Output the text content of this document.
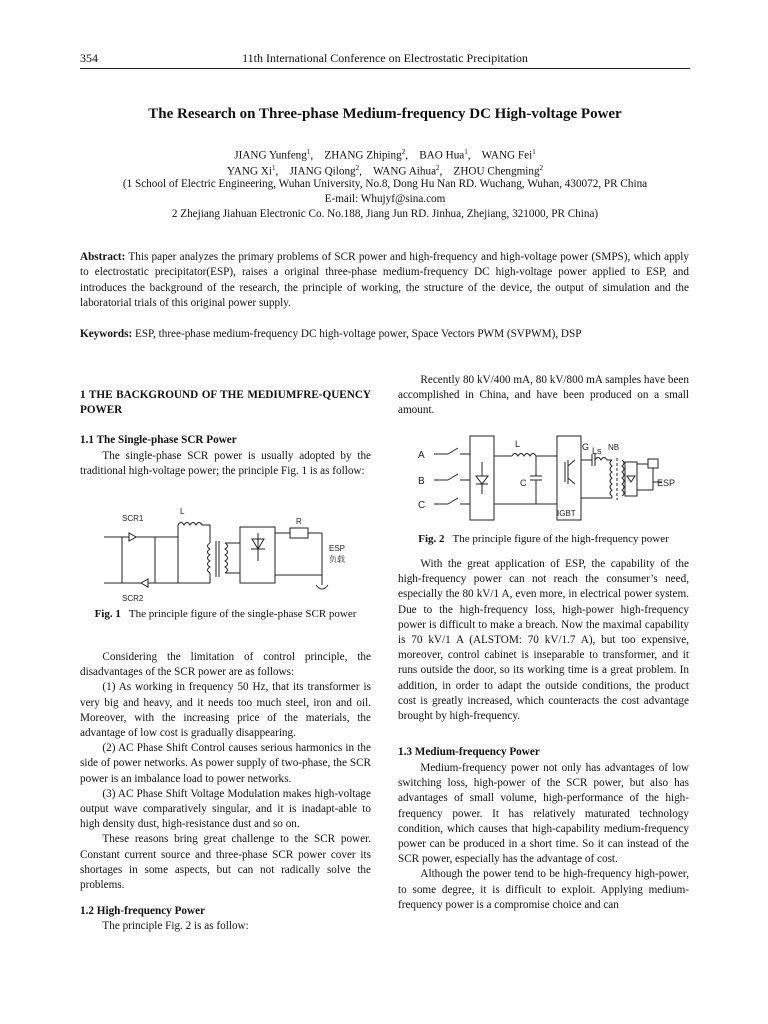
354	11th International Conference on Electrostatic Precipitation
The Research on Three-phase Medium-frequency DC High-voltage Power
JIANG Yunfeng$^1$,    ZHANG Zhiping$^2$,    BAO Hua$^1$,    WANG Fei$^1$
YANG Xi$^1$,    JIANG Qilong$^2$,    WANG Aihua$^2$,    ZHOU Chengming$^2$
(1 School of Electric Engineering, Wuhan University, No.8, Dong Hu Nan RD. Wuchang, Wuhan, 430072, PR China
E-mail: Whujyf@sina.com
2 Zhejiang Jiahuan Electronic Co. No.188, Jiang Jun RD. Jinhua, Zhejiang, 321000, PR China)
Abstract: This paper analyzes the primary problems of SCR power and high-frequency and high-voltage power (SMPS), which apply to electrostatic precipitator(ESP), raises a original three-phase medium-frequency DC high-voltage power applied to ESP, and introduces the background of the research, the principle of working, the structure of the device, the output of simulation and the laboratorial trials of this original power supply.
Keywords: ESP, three-phase medium-frequency DC high-voltage power, Space Vectors PWM (SVPWM), DSP
1 THE BACKGROUND OF THE MEDIUMFRE-QUENCY POWER
1.1 The Single-phase SCR Power

The single-phase SCR power is usually adopted by the traditional high-voltage power; the principle Fig. 1 is as follow:

SCR1
SCR2
L
R
ESP
负载
Fig. 1 The principle figure of the single-phase SCR power

Considering the limitation of control principle, the disadvantages of the SCR power are as follows:

(1) As working in frequency 50 Hz, that its transformer is very big and heavy, and it needs too much steel, iron and oil. Moreover, with the increasing price of the materials, the advantage of low cost is gradually disappearing.

(2) AC Phase Shift Control causes serious harmonics in the side of power networks. As power supply of two-phase, the SCR power is an imbalance load to power networks.

(3) AC Phase Shift Voltage Modulation makes high-voltage output wave comparatively singular, and it is inadapt-able to high density dust, high-resistance dust and so on.

These reasons bring great challenge to the SCR power. Constant current source and three-phase SCR power cover its shortages in some aspects, but can not radically solve the problems.

1.2 High-frequency Power

The principle Fig. 2 is as follow:

Recently 80 kV/400 mA, 80 kV/800 mA samples have been accomplished in China, and have been produced on a small amount.

A
B
C
L
C
G Ls NB
IGBT
ESP
Fig. 2 The principle figure of the high-frequency power

With the great application of ESP, the capability of the high-frequency power can not reach the consumer’s need, especially the 80 kV/1 A, even more, in electrical power system. Due to the high-frequency loss, high-power high-frequency power is difficult to make a breach. Now the maximal capability is 70 kV/1 A (ALSTOM: 70 kV/1.7 A), but too expensive, moreover, control cabinet is inseparable to transformer, and it runs outside the door, so its working time is a great problem. In addition, in order to adapt the outside conditions, the product cost is greatly increased, which counteracts the cost advantage brought by high-frequency.

1.3 Medium-frequency Power

Medium-frequency power not only has advantages of low switching loss, high-power of the SCR power, but also has advantages of small volume, high-performance of the high-frequency power. It has relatively maturated technology condition, which causes that high-capability medium-frequency power can be produced in a short time. So it can instead of the SCR power, especially has the advantage of cost.

Although the power tend to be high-frequency high-power, to some degree, it is difficult to exploit. Applying medium- frequency power is a compromise choice and can
